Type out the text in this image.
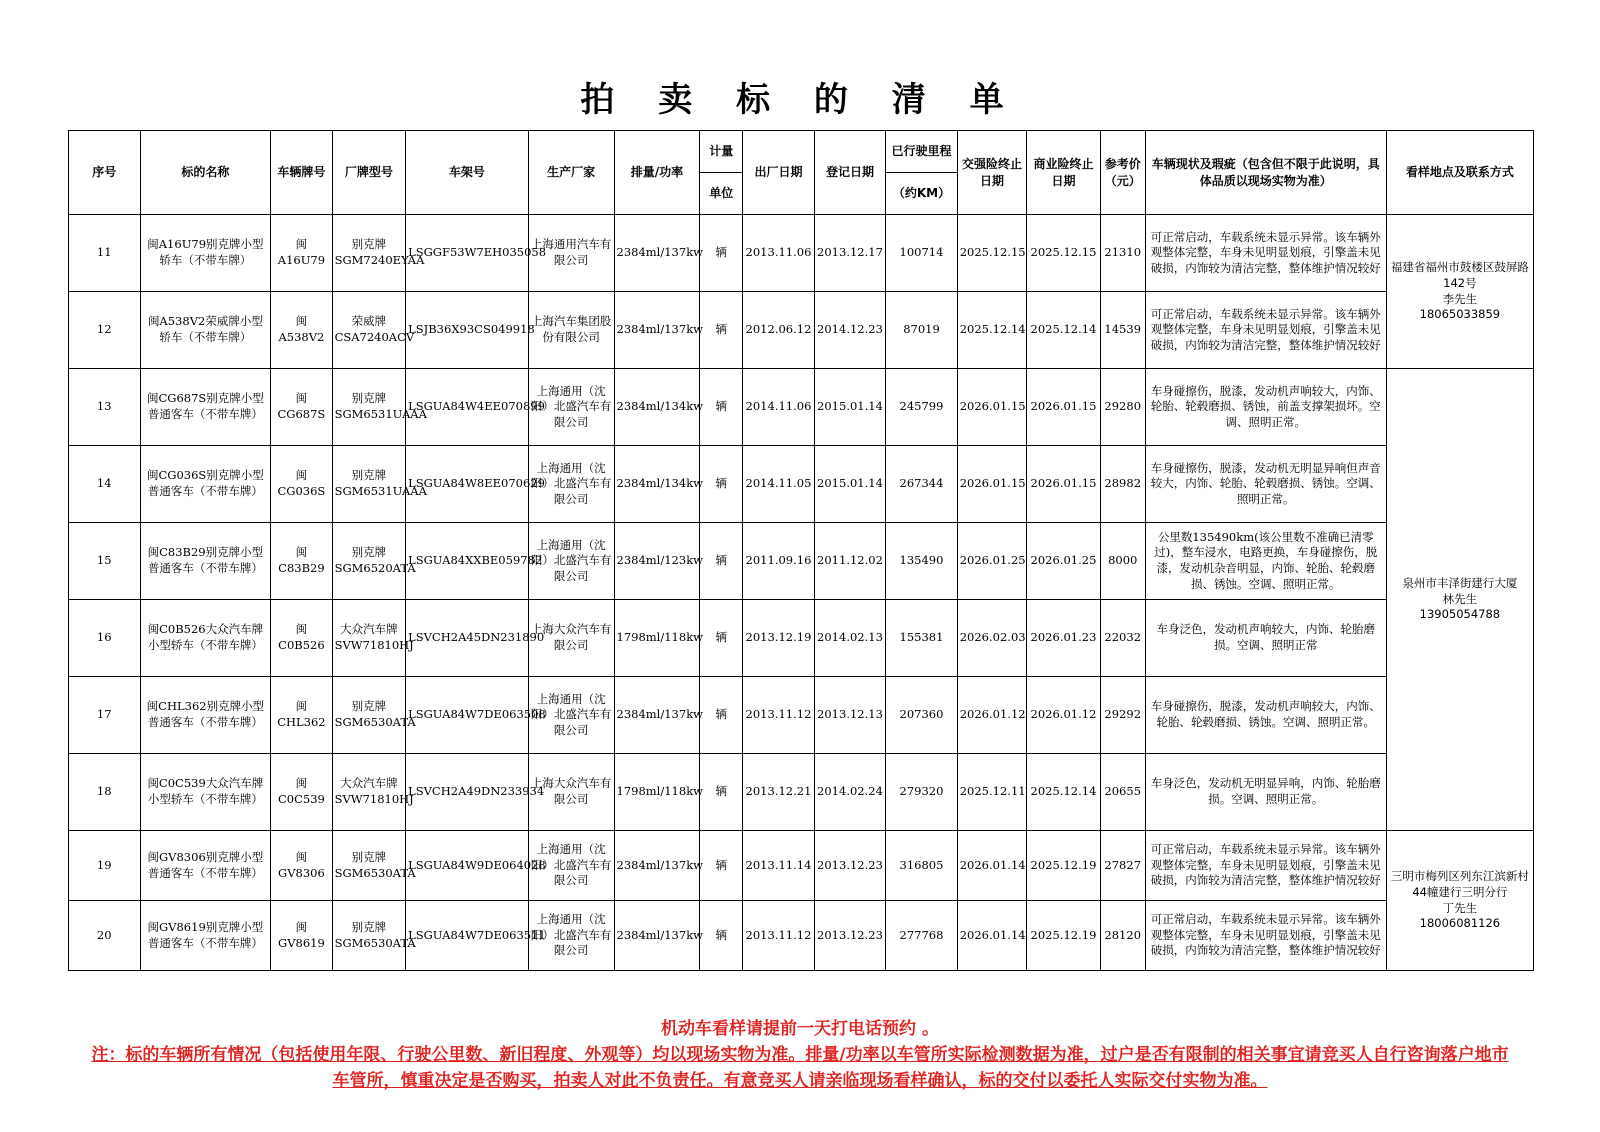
拍 卖 标 的 清 单
序号	标的名称	车辆牌号	厂牌型号	车架号	生产厂家	排量/功率	计量	出厂日期	登记日期	已行驶里程	交强险终止日期	商业险终止日期	参考价（元）	车辆现状及瑕疵（包含但不限于此说明，具体品质以现场实物为准）	看样地点及联系方式
							单位			（约KM）					
11	闽A16U79别克牌小型轿车（不带车牌）	闽A16U79	别克牌SGM7240EYAA	LSGGF53W7EH035058	上海通用汽车有限公司	2384ml/137kw	辆	2013.11.06	2013.12.17	100714	2025.12.15	2025.12.15	21310	可正常启动，车载系统未显示异常。该车辆外观整体完整，车身未见明显划痕，引擎盖未见破损，内饰较为清洁完整，整体维护情况较好	福建省福州市鼓楼区鼓屏路142号
李先生
18065033859

12	闽A538V2荣威牌小型轿车（不带车牌）	闽A538V2	荣威牌CSA7240ACV	LSJB36X93CS049918	上海汽车集团股份有限公司	2384ml/137kw	辆	2012.06.12	2014.12.23	87019	2025.12.14	2025.12.14	14539	可正常启动，车载系统未显示异常。该车辆外观整体完整，车身未见明显划痕，引擎盖未见破损，内饰较为清洁完整，整体维护情况较好	
13	闽CG687S别克牌小型普通客车（不带车牌）	闽CG687S	别克牌SGM6531UAAA	LSGUA84W4EE070899	上海通用（沈阳）北盛汽车有限公司	2384ml/134kw	辆	2014.11.06	2015.01.14	245799	2026.01.15	2026.01.15	29280	车身碰擦伤，脱漆，发动机声响较大，内饰、轮胎、轮毂磨损、锈蚀，前盖支撑架损坏。空调、照明正常。	泉州市丰泽街建行大厦
林先生
13905054788

14	闽CG036S别克牌小型普通客车（不带车牌）	闽CG036S	别克牌SGM6531UAAA	LSGUA84W8EE070629	上海通用（沈阳）北盛汽车有限公司	2384ml/134kw	辆	2014.11.05	2015.01.14	267344	2026.01.15	2026.01.15	28982	车身碰擦伤，脱漆，发动机无明显异响但声音较大，内饰、轮胎、轮毂磨损、锈蚀。空调、照明正常。	
15	闽C83B29别克牌小型普通客车（不带车牌）	闽C83B29	别克牌SGM6520ATA	LSGUA84XXBE059782	上海通用（沈阳）北盛汽车有限公司	2384ml/123kw	辆	2011.09.16	2011.12.02	135490	2026.01.25	2026.01.25	8000	公里数135490km(该公里数不准确已清零过)，整车浸水，电路更换，车身碰擦伤，脱漆，发动机杂音明显，内饰、轮胎、轮毂磨损、锈蚀。空调、照明正常。	
16	闽C0B526大众汽车牌小型轿车（不带车牌）	闽C0B526	大众汽车牌SVW71810HJ	LSVCH2A45DN231890	上海大众汽车有限公司	1798ml/118kw	辆	2013.12.19	2014.02.13	155381	2026.02.03	2026.01.23	22032	车身泛色，发动机声响较大，内饰、轮胎磨损。空调、照明正常	
17	闽CHL362别克牌小型普通客车（不带车牌）	闽CHL362	别克牌SGM6530ATA	LSGUA84W7DE063508	上海通用（沈阳）北盛汽车有限公司	2384ml/137kw	辆	2013.11.12	2013.12.13	207360	2026.01.12	2026.01.12	29292	车身碰擦伤，脱漆，发动机声响较大，内饰、轮胎、轮毂磨损、锈蚀。空调、照明正常。	
18	闽C0C539大众汽车牌小型轿车（不带车牌）	闽C0C539	大众汽车牌SVW71810HJ	LSVCH2A49DN233934	上海大众汽车有限公司	1798ml/118kw	辆	2013.12.21	2014.02.24	279320	2025.12.11	2025.12.14	20655	车身泛色，发动机无明显异响，内饰、轮胎磨损。空调、照明正常。	
19	闽GV8306别克牌小型普通客车（不带车牌）	闽GV8306	别克牌SGM6530ATA	LSGUA84W9DE064028	上海通用（沈阳）北盛汽车有限公司	2384ml/137kw	辆	2013.11.14	2013.12.23	316805	2026.01.14	2025.12.19	27827	可正常启动，车载系统未显示异常。该车辆外观整体完整，车身未见明显划痕，引擎盖未见破损，内饰较为清洁完整，整体维护情况较好	三明市梅列区列东江滨新村44幢建行三明分行
丁先生
18006081126

20	闽GV8619别克牌小型普通客车（不带车牌）	闽GV8619	别克牌SGM6530ATA	LSGUA84W7DE063511	上海通用（沈阳）北盛汽车有限公司	2384ml/137kw	辆	2013.11.12	2013.12.23	277768	2026.01.14	2025.12.19	28120	可正常启动，车载系统未显示异常。该车辆外观整体完整，车身未见明显划痕，引擎盖未见破损，内饰较为清洁完整，整体维护情况较好	
机动车看样请提前一天打电话预约 。
注：标的车辆所有情况（包括使用年限、行驶公里数、新旧程度、外观等）均以现场实物为准。排量/功率以车管所实际检测数据为准，过户是否有限制的相关事宜请竞买人自行咨询落户地市车管所，慎重决定是否购买，拍卖人对此不负责任。有意竞买人请亲临现场看样确认，标的交付以委托人实际交付实物为准。
